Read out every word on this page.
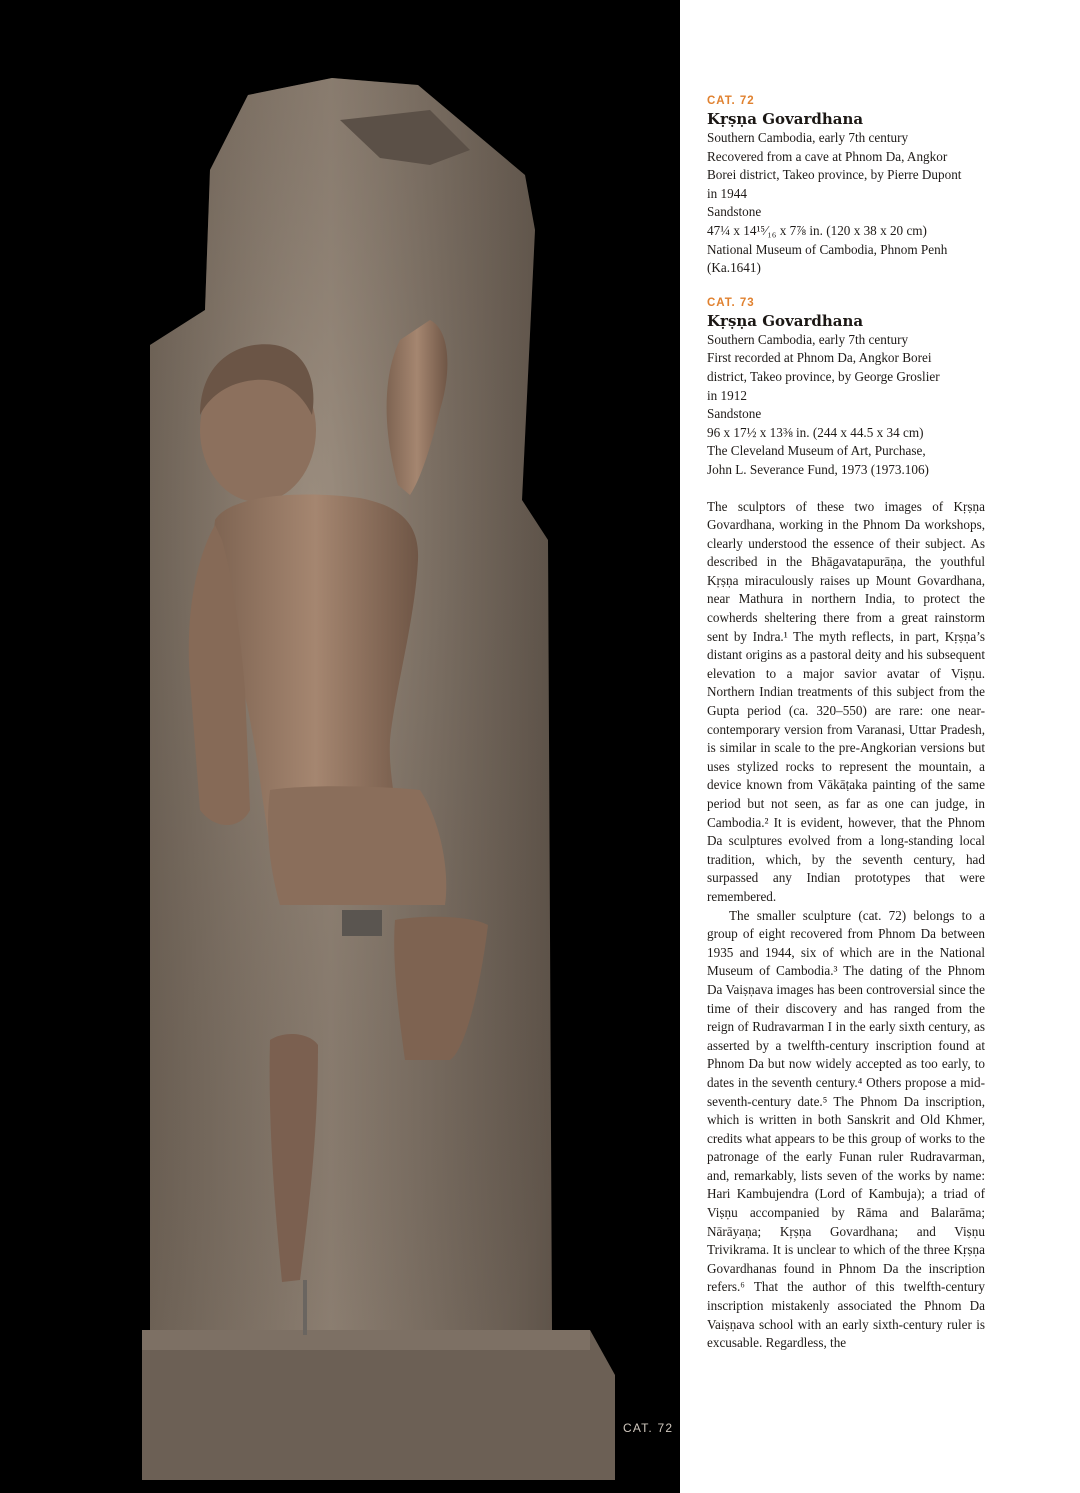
CAT. 72
CAT. 72
Kṛṣṇa Govardhana
Southern Cambodia, early 7th century
Recovered from a cave at Phnom Da, Angkor
Borei district, Takeo province, by Pierre Dupont
in 1944
Sandstone
47¼ x 14¹⁵⁄₁₆ x 7⅞ in. (120 x 38 x 20 cm)
National Museum of Cambodia, Phnom Penh
(Ka.1641)
CAT. 73
Kṛṣṇa Govardhana
Southern Cambodia, early 7th century
First recorded at Phnom Da, Angkor Borei
district, Takeo province, by George Groslier
in 1912
Sandstone
96 x 17½ x 13⅜ in. (244 x 44.5 x 34 cm)
The Cleveland Museum of Art, Purchase,
John L. Severance Fund, 1973 (1973.106)

The sculptors of these two images of Kṛṣṇa Govardhana, working in the Phnom Da workshops, clearly understood the essence of their subject. As described in the Bhāgavatapurāṇa, the youthful Kṛṣṇa miraculously raises up Mount Govardhana, near Mathura in northern India, to protect the cowherds sheltering there from a great rainstorm sent by Indra.¹ The myth reflects, in part, Kṛṣṇa’s distant origins as a pastoral deity and his subsequent elevation to a major savior avatar of Viṣṇu. Northern Indian treatments of this subject from the Gupta period (ca. 320–550) are rare: one near-contemporary version from Varanasi, Uttar Pradesh, is similar in scale to the pre-Angkorian versions but uses stylized rocks to represent the mountain, a device known from Vākāṭaka painting of the same period but not seen, as far as one can judge, in Cambodia.² It is evident, however, that the Phnom Da sculptures evolved from a long-standing local tradition, which, by the seventh century, had surpassed any Indian prototypes that were remembered.

The smaller sculpture (cat. 72) belongs to a group of eight recovered from Phnom Da between 1935 and 1944, six of which are in the National Museum of Cambodia.³ The dating of the Phnom Da Vaiṣṇava images has been controversial since the time of their discovery and has ranged from the reign of Rudravarman I in the early sixth century, as asserted by a twelfth-century inscription found at Phnom Da but now widely accepted as too early, to dates in the seventh century.⁴ Others propose a mid-seventh-century date.⁵ The Phnom Da inscription, which is written in both Sanskrit and Old Khmer, credits what appears to be this group of works to the patronage of the early Funan ruler Rudravarman, and, remarkably, lists seven of the works by name: Hari Kambujendra (Lord of Kambuja); a triad of Viṣṇu accompanied by Rāma and Balarāma; Nārāyaṇa; Kṛṣṇa Govardhana; and Viṣṇu Trivikrama. It is unclear to which of the three Kṛṣṇa Govardhanas found in Phnom Da the inscription refers.⁶ That the author of this twelfth-century inscription mistakenly associated the Phnom Da Vaiṣṇava school with an early sixth-century ruler is excusable. Regardless, the
